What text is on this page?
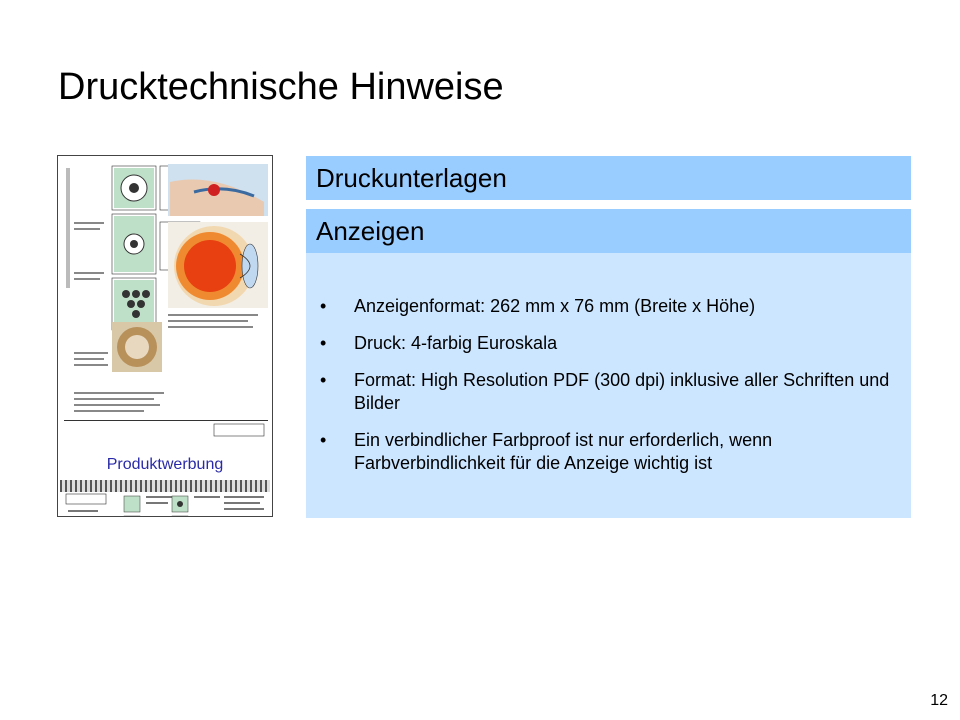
Drucktechnische Hinweise
Produktwerbung
Druckunterlagen
Anzeigen
• Anzeigenformat: 262 mm x 76 mm (Breite x Höhe)
• Druck: 4-farbig Euroskala
• Format: High Resolution PDF (300 dpi) inklusive aller Schriften und Bilder
• Ein verbindlicher Farbproof ist nur erforderlich, wenn Farbverbindlichkeit für die Anzeige wichtig ist
12
